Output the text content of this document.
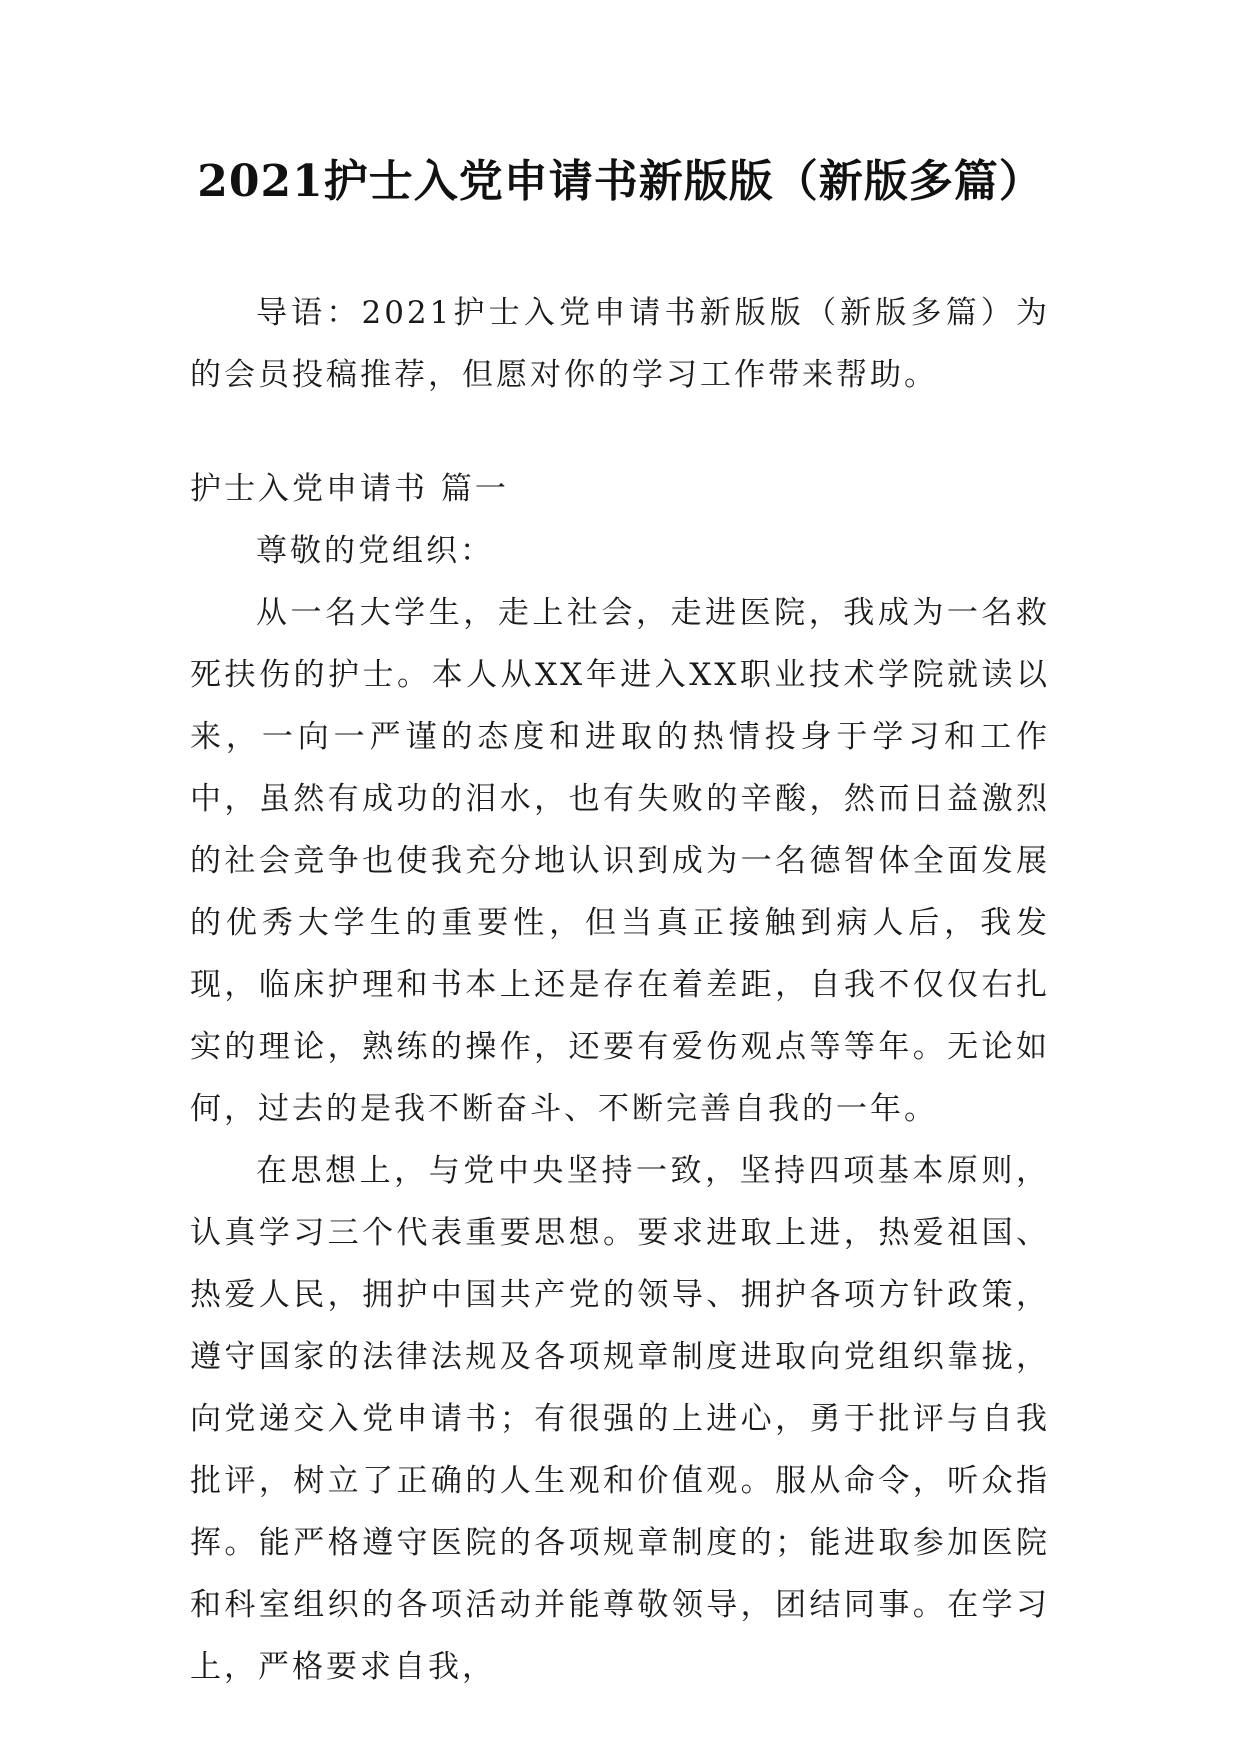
2021护士入党申请书新版版（新版多篇）

导语：2021护士入党申请书新版版（新版多篇）为的会员投稿推荐，但愿对你的学习工作带来帮助。

护士入党申请书 篇一

尊敬的党组织：

从一名大学生，走上社会，走进医院，我成为一名救死扶伤的护士。本人从XX年进入XX职业技术学院就读以来，一向一严谨的态度和进取的热情投身于学习和工作中，虽然有成功的泪水，也有失败的辛酸，然而日益激烈的社会竞争也使我充分地认识到成为一名德智体全面发展的优秀大学生的重要性，但当真正接触到病人后，我发现，临床护理和书本上还是存在着差距，自我不仅仅右扎实的理论，熟练的操作，还要有爱伤观点等等年。无论如何，过去的是我不断奋斗、不断完善自我的一年。

在思想上，与党中央坚持一致，坚持四项基本原则，认真学习三个代表重要思想。要求进取上进，热爱祖国、热爱人民，拥护中国共产党的领导、拥护各项方针政策，遵守国家的法律法规及各项规章制度进取向党组织靠拢，向党递交入党申请书；有很强的上进心，勇于批评与自我批评，树立了正确的人生观和价值观。服从命令，听众指挥。能严格遵守医院的各项规章制度的；能进取参加医院和科室组织的各项活动并能尊敬领导，团结同事。在学习上，严格要求自我，
